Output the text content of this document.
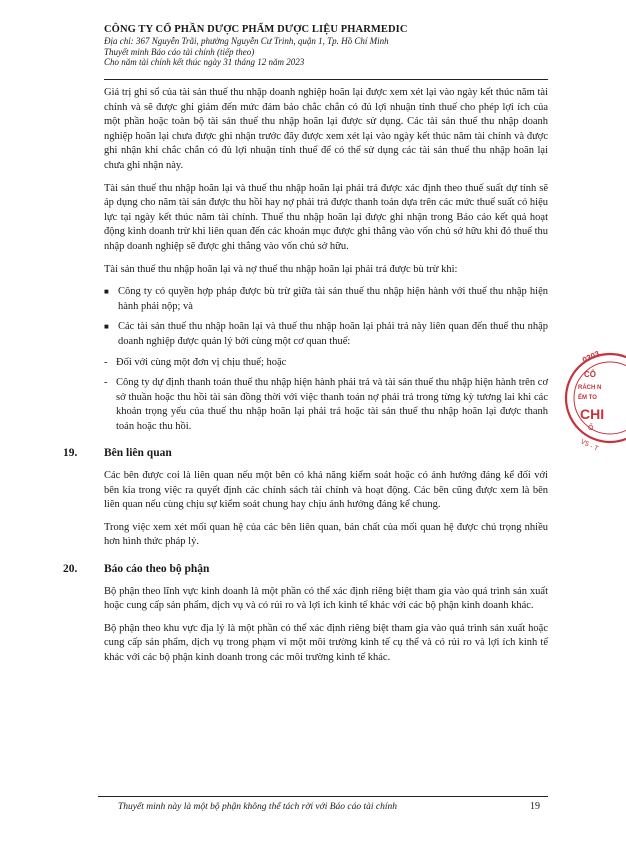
CÔNG TY CỔ PHẦN DƯỢC PHẨM DƯỢC LIỆU PHARMEDIC
Địa chỉ: 367 Nguyễn Trãi, phường Nguyễn Cư Trinh, quận 1, Tp. Hồ Chí Minh
Thuyết minh Báo cáo tài chính (tiếp theo)
Cho năm tài chính kết thúc ngày 31 tháng 12 năm 2023

Giá trị ghi sổ của tài sản thuế thu nhập doanh nghiệp hoãn lại được xem xét lại vào ngày kết thúc năm tài chính và sẽ được ghi giảm đến mức đảm bảo chắc chắn có đủ lợi nhuận tính thuế cho phép lợi ích của một phần hoặc toàn bộ tài sản thuế thu nhập hoãn lại được sử dụng. Các tài sản thuế thu nhập doanh nghiệp hoãn lại chưa được ghi nhận trước đây được xem xét lại vào ngày kết thúc năm tài chính và được ghi nhận khi chắc chắn có đủ lợi nhuận tính thuế để có thể sử dụng các tài sản thuế thu nhập hoãn lại chưa ghi nhận này.

Tài sản thuế thu nhập hoãn lại và thuế thu nhập hoãn lại phải trả được xác định theo thuế suất dự tính sẽ áp dụng cho năm tài sản được thu hồi hay nợ phải trả được thanh toán dựa trên các mức thuế suất có hiệu lực tại ngày kết thúc năm tài chính. Thuế thu nhập hoãn lại được ghi nhận trong Báo cáo kết quả hoạt động kinh doanh trừ khi liên quan đến các khoản mục được ghi thẳng vào vốn chủ sở hữu khi đó thuế thu nhập doanh nghiệp sẽ được ghi thẳng vào vốn chủ sở hữu.

Tài sản thuế thu nhập hoãn lại và nợ thuế thu nhập hoãn lại phải trả được bù trừ khi:

■ Công ty có quyền hợp pháp được bù trừ giữa tài sản thuế thu nhập hiện hành với thuế thu nhập hiện hành phải nộp; và
■ Các tài sản thuế thu nhập hoãn lại và thuế thu nhập hoãn lại phải trả này liên quan đến thuế thu nhập doanh nghiệp được quản lý bởi cùng một cơ quan thuế:
- Đối với cùng một đơn vị chịu thuế; hoặc
- Công ty dự định thanh toán thuế thu nhập hiện hành phải trả và tài sản thuế thu nhập hiện hành trên cơ sở thuần hoặc thu hồi tài sản đồng thời với việc thanh toán nợ phải trả trong từng kỳ tương lai khi các khoản trọng yếu của thuế thu nhập hoãn lại phải trả hoặc tài sản thuế thu nhập hoãn lại được thanh toán hoặc thu hồi.
19. Bên liên quan

Các bên được coi là liên quan nếu một bên có khả năng kiểm soát hoặc có ảnh hưởng đáng kể đối với bên kia trong việc ra quyết định các chính sách tài chính và hoạt động. Các bên cũng được xem là bên liên quan nếu cùng chịu sự kiểm soát chung hay chịu ảnh hưởng đáng kể chung.

Trong việc xem xét mối quan hệ của các bên liên quan, bản chất của mối quan hệ được chú trọng nhiều hơn hình thức pháp lý.

20. Báo cáo theo bộ phận

Bộ phận theo lĩnh vực kinh doanh là một phần có thể xác định riêng biệt tham gia vào quá trình sản xuất hoặc cung cấp sản phẩm, dịch vụ và có rủi ro và lợi ích kinh tế khác với các bộ phận kinh doanh khác.

Bộ phận theo khu vực địa lý là một phần có thể xác định riêng biệt tham gia vào quá trình sản xuất hoặc cung cấp sản phẩm, dịch vụ trong phạm vi một môi trường kinh tế cụ thể và có rủi ro và lợi ích kinh tế khác với các bộ phận kinh doanh trong các môi trường kinh tế khác.

0303
CÔ
RÁCH N
ỂM TO
CHI
Ố
V5 - T
Thuyết minh này là một bộ phận không thể tách rời với Báo cáo tài chính	19
